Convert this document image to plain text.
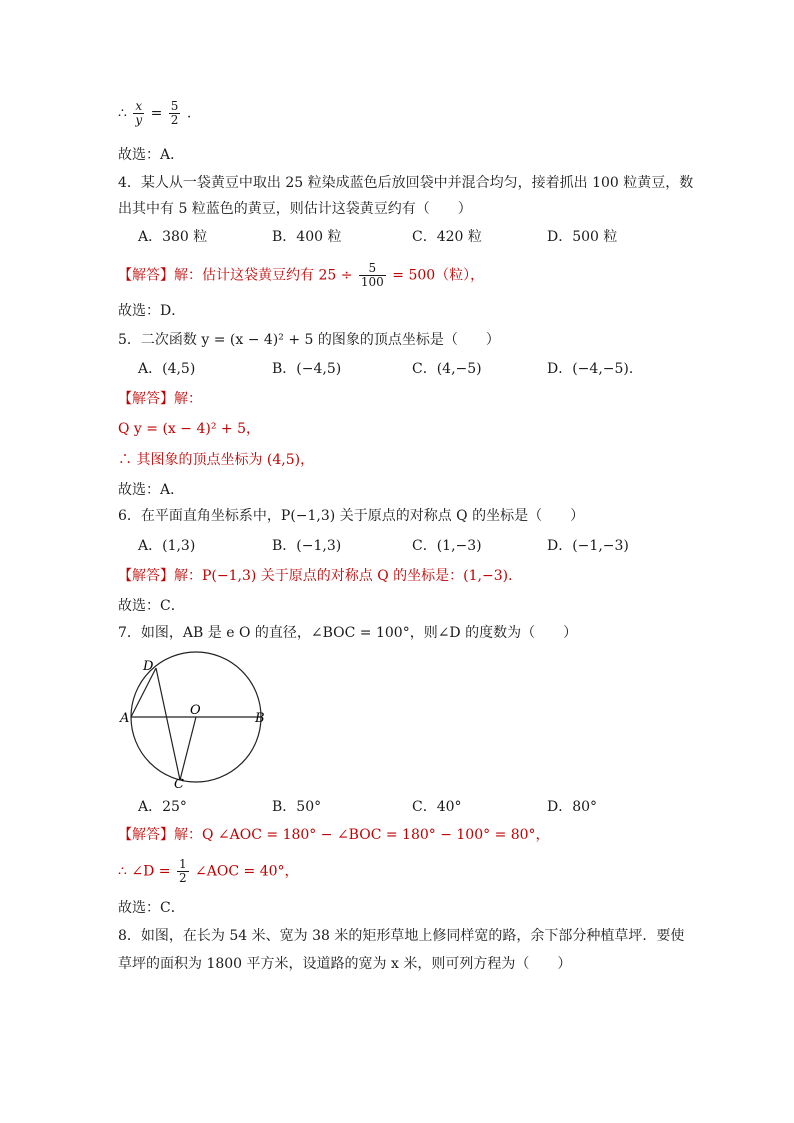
∴ $\frac{x}{y} = \frac{5}{2}$ .
故选：A．
4．某人从一袋黄豆中取出 25 粒染成蓝色后放回袋中并混合均匀，接着抓出 100 粒黄豆，数
出其中有 5 粒蓝色的黄豆，则估计这袋黄豆约有（　　）
A．380 粒	B．400 粒	C．420 粒	D．500 粒
【解答】解：估计这袋黄豆约有 $25 \div \frac{5}{100} = 500$（粒），
故选：D．
5．二次函数 y = (x − 4)² + 5 的图象的顶点坐标是（　　）
A．(4,5)	B．(−4,5)	C．(4,−5)	D．(−4,−5)．
【解答】解：
Q y = (x − 4)² + 5，
∴ 其图象的顶点坐标为 (4,5)，
故选：A．
6．在平面直角坐标系中，P(−1,3) 关于原点的对称点 Q 的坐标是（　　）
A．(1,3)	B．(−1,3)	C．(1,−3)	D．(−1,−3)
【解答】解：P(−1,3) 关于原点的对称点 Q 的坐标是：(1,−3)．
故选：C．
7．如图，AB 是 e O 的直径，∠BOC = 100°，则∠D 的度数为（　　）
D
A
O
B
C
A．25°	B．50°	C．40°	D．80°
【解答】解：Q ∠AOC = 180° − ∠BOC = 180° − 100° = 80°，
∴ ∠D = $\frac{1}{2}$ ∠AOC = 40°，
故选：C．
8．如图，在长为 54 米、宽为 38 米的矩形草地上修同样宽的路，余下部分种植草坪．要使
草坪的面积为 1800 平方米，设道路的宽为 x 米，则可列方程为（　　）
